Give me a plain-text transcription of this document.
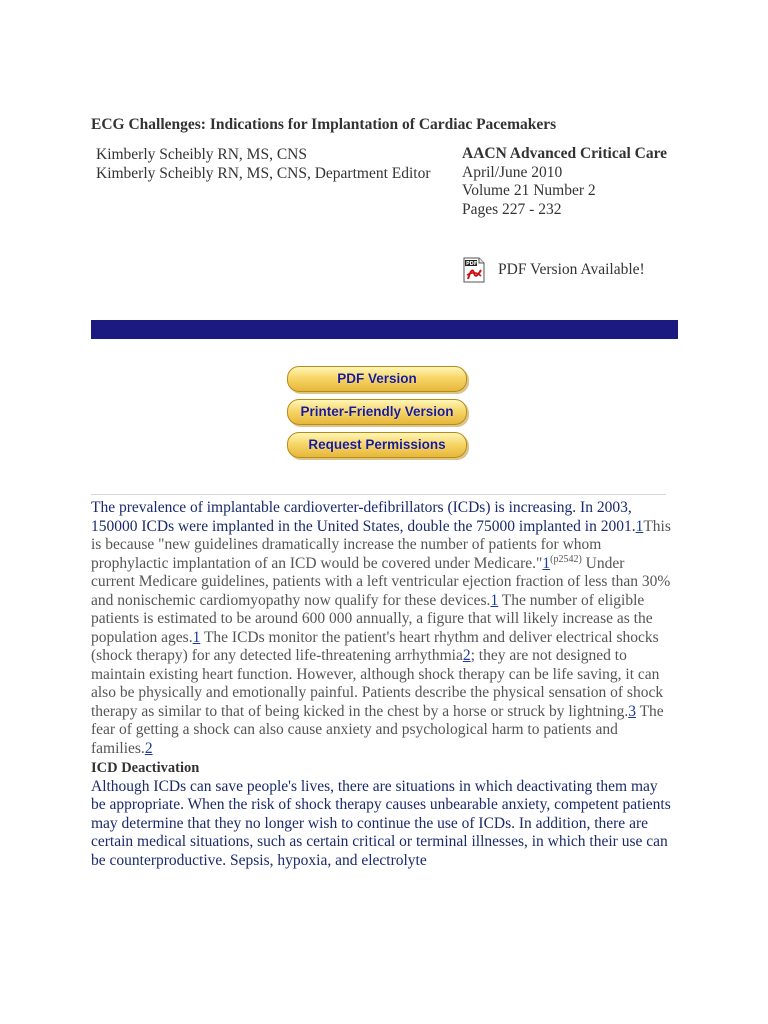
ECG Challenges: Indications for Implantation of Cardiac Pacemakers
Kimberly Scheibly RN, MS, CNS
Kimberly Scheibly RN, MS, CNS, Department Editor
AACN Advanced Critical Care
April/June 2010
Volume 21 Number 2
Pages 227 - 232
PDF PDF Version Available!
PDF Version
Printer-Friendly Version
Request Permissions
The prevalence of implantable cardioverter-defibrillators (ICDs) is increasing. In 2003, 150000 ICDs were implanted in the United States, double the 75000 implanted in 2001.1This is because "new guidelines dramatically increase the number of patients for whom prophylactic implantation of an ICD would be covered under $Medicare."1^{(p2542)}$ Under current Medicare guidelines, patients with a left ventricular ejection fraction of less than 30% and nonischemic cardiomyopathy now qualify for these devices.1 The number of eligible patients is estimated to be around 600 000 annually, a figure that will likely increase as the population ages.1 The ICDs monitor the patient's heart rhythm and deliver electrical shocks (shock therapy) for any detected life-threatening arrhythmia2; they are not designed to maintain existing heart function. However, although shock therapy can be life saving, it can also be physically and emotionally painful. Patients describe the physical sensation of shock therapy as similar to that of being kicked in the chest by a horse or struck by lightning.3 The fear of getting a shock can also cause anxiety and psychological harm to patients and families.2
ICD Deactivation
Although ICDs can save people's lives, there are situations in which deactivating them may be appropriate. When the risk of shock therapy causes unbearable anxiety, competent patients may determine that they no longer wish to continue the use of ICDs. In addition, there are certain medical situations, such as certain critical or terminal illnesses, in which their use can be counterproductive. Sepsis, hypoxia, and electrolyte
